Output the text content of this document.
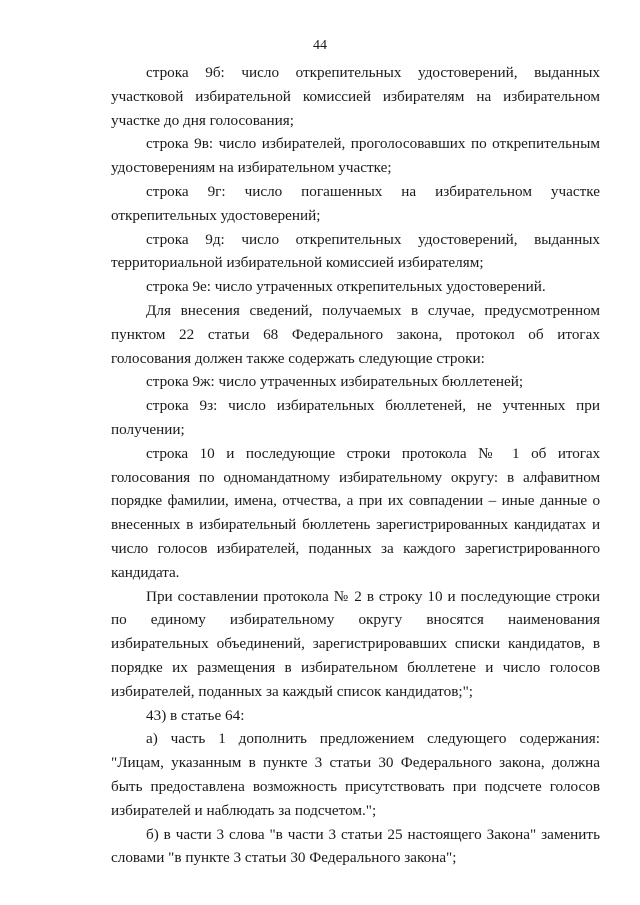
44

строка 9б: число открепительных удостоверений, выданных участковой избирательной комиссией избирателям на избирательном участке до дня голосования;

строка 9в: число избирателей, проголосовавших по открепительным удостоверениям на избирательном участке;

строка 9г: число погашенных на избирательном участке открепительных удостоверений;

строка 9д: число открепительных удостоверений, выданных территориальной избирательной комиссией избирателям;

строка 9е: число утраченных открепительных удостоверений.

Для внесения сведений, получаемых в случае, предусмотренном пунктом 22 статьи 68 Федерального закона, протокол об итогах голосования должен также содержать следующие строки:

строка 9ж: число утраченных избирательных бюллетеней;

строка 9з: число избирательных бюллетеней, не учтенных при получении;

строка 10 и последующие строки протокола № 1 об итогах голосования по одномандатному избирательному округу: в алфавитном порядке фамилии, имена, отчества, а при их совпадении – иные данные о внесенных в избирательный бюллетень зарегистрированных кандидатах и число голосов избирателей, поданных за каждого зарегистрированного кандидата.

При составлении протокола № 2 в строку 10 и последующие строки по единому избирательному округу вносятся наименования избирательных объединений, зарегистрировавших списки кандидатов, в порядке их размещения в избирательном бюллетене и число голосов избирателей, поданных за каждый список кандидатов;";

43) в статье 64:

а) часть 1 дополнить предложением следующего содержания: "Лицам, указанным в пункте 3 статьи 30 Федерального закона, должна быть предоставлена возможность присутствовать при подсчете голосов избирателей и наблюдать за подсчетом.";

б) в части 3 слова "в части 3 статьи 25 настоящего Закона" заменить словами "в пункте 3 статьи 30 Федерального закона";
